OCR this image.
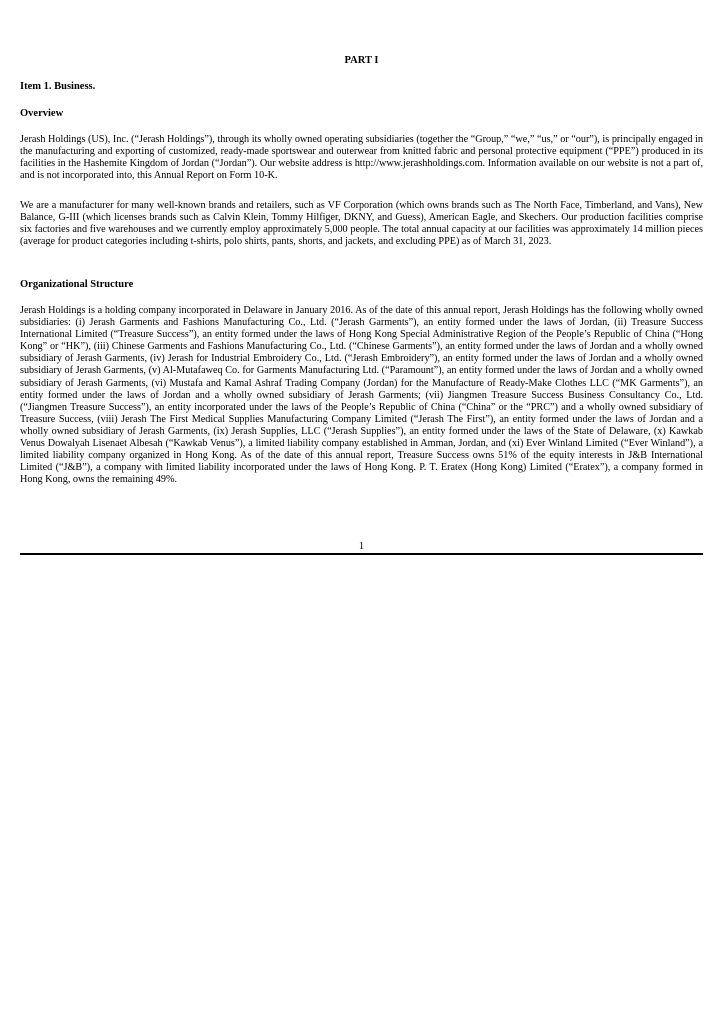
PART I
Item 1. Business.
Overview
Jerash Holdings (US), Inc. (“Jerash Holdings”), through its wholly owned operating subsidiaries (together the “Group,” “we,” “us,” or “our”), is principally engaged in the manufacturing and exporting of customized, ready-made sportswear and outerwear from knitted fabric and personal protective equipment (“PPE”) produced in its facilities in the Hashemite Kingdom of Jordan (“Jordan”). Our website address is http://www.jerashholdings.com. Information available on our website is not a part of, and is not incorporated into, this Annual Report on Form 10-K.
We are a manufacturer for many well-known brands and retailers, such as VF Corporation (which owns brands such as The North Face, Timberland, and Vans), New Balance, G-III (which licenses brands such as Calvin Klein, Tommy Hilfiger, DKNY, and Guess), American Eagle, and Skechers. Our production facilities comprise six factories and five warehouses and we currently employ approximately 5,000 people. The total annual capacity at our facilities was approximately 14 million pieces (average for product categories including t-shirts, polo shirts, pants, shorts, and jackets, and excluding PPE) as of March 31, 2023.
Organizational Structure
Jerash Holdings is a holding company incorporated in Delaware in January 2016. As of the date of this annual report, Jerash Holdings has the following wholly owned subsidiaries: (i) Jerash Garments and Fashions Manufacturing Co., Ltd. (“Jerash Garments”), an entity formed under the laws of Jordan, (ii) Treasure Success International Limited (“Treasure Success”), an entity formed under the laws of Hong Kong Special Administrative Region of the People’s Republic of China (“Hong Kong” or “HK”), (iii) Chinese Garments and Fashions Manufacturing Co., Ltd. (“Chinese Garments”), an entity formed under the laws of Jordan and a wholly owned subsidiary of Jerash Garments, (iv) Jerash for Industrial Embroidery Co., Ltd. (“Jerash Embroidery”), an entity formed under the laws of Jordan and a wholly owned subsidiary of Jerash Garments, (v) Al-Mutafaweq Co. for Garments Manufacturing Ltd. (“Paramount”), an entity formed under the laws of Jordan and a wholly owned subsidiary of Jerash Garments, (vi) Mustafa and Kamal Ashraf Trading Company (Jordan) for the Manufacture of Ready-Make Clothes LLC (“MK Garments”), an entity formed under the laws of Jordan and a wholly owned subsidiary of Jerash Garments; (vii) Jiangmen Treasure Success Business Consultancy Co., Ltd. (“Jiangmen Treasure Success”), an entity incorporated under the laws of the People’s Republic of China (“China” or the “PRC”) and a wholly owned subsidiary of Treasure Success, (viii) Jerash The First Medical Supplies Manufacturing Company Limited (“Jerash The First”), an entity formed under the laws of Jordan and a wholly owned subsidiary of Jerash Garments, (ix) Jerash Supplies, LLC (“Jerash Supplies”), an entity formed under the laws of the State of Delaware, (x) Kawkab Venus Dowalyah Lisenaet Albesah (“Kawkab Venus”), a limited liability company established in Amman, Jordan, and (xi) Ever Winland Limited (“Ever Winland”), a limited liability company organized in Hong Kong. As of the date of this annual report, Treasure Success owns 51% of the equity interests in J&B International Limited (“J&B”), a company with limited liability incorporated under the laws of Hong Kong. P. T. Eratex (Hong Kong) Limited (“Eratex”), a company formed in Hong Kong, owns the remaining 49%.
1
